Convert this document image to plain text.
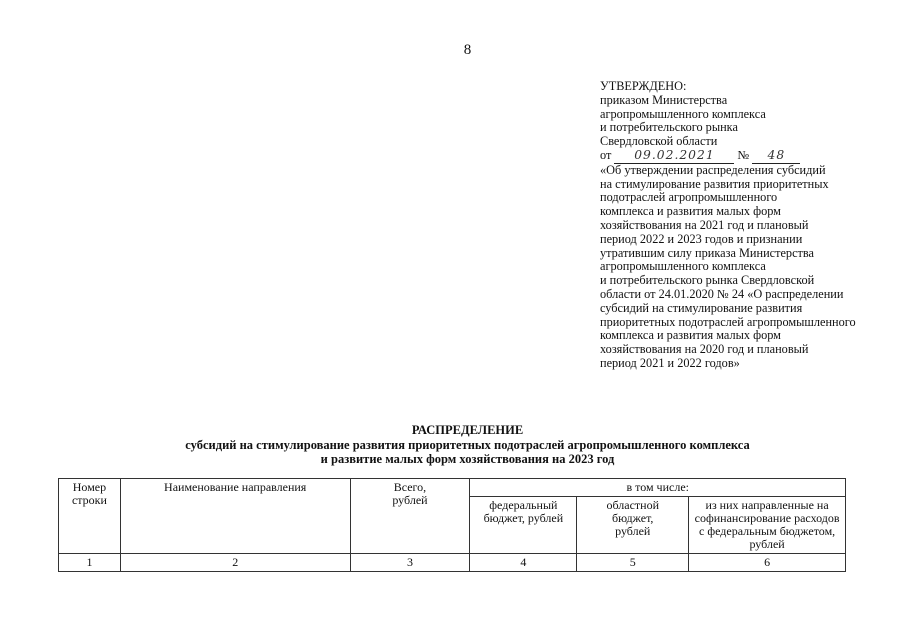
8
УТВЕРЖДЕНО:
приказом Министерства
агропромышленного комплекса
и потребительского рынка
Свердловской области
от 09.02.2021 № 48
«Об утверждении распределения субсидий
на стимулирование развития приоритетных
подотраслей агропромышленного
комплекса и развития малых форм
хозяйствования на 2021 год и плановый
период 2022 и 2023 годов и признании
утратившим силу приказа Министерства
агропромышленного комплекса
и потребительского рынка Свердловской
области от 24.01.2020 № 24 «О распределении
субсидий на стимулирование развития
приоритетных подотраслей агропромышленного
комплекса и развития малых форм
хозяйствования на 2020 год и плановый
период 2021 и 2022 годов»
РАСПРЕДЕЛЕНИЕ
субсидий на стимулирование развития приоритетных подотраслей агропромышленного комплекса
и развитие малых форм хозяйствования на 2023 год
Номер строки	Наименование направления	Всего, рублей	в том числе:		
			федеральный бюджет, рублей	областной бюджет, рублей	из них направленные на софинансирование расходов с федеральным бюджетом, рублей
1	2	3	4	5	6
